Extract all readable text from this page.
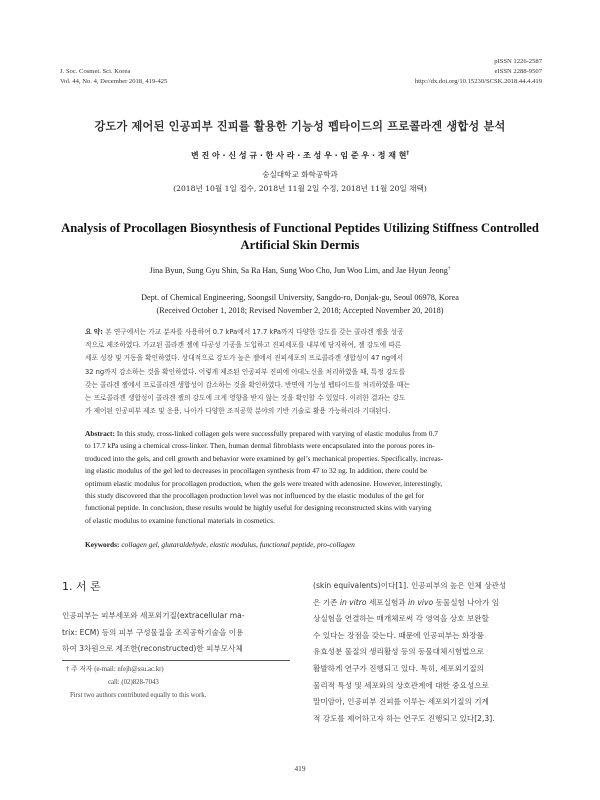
J. Soc. Cosmet. Sci. Korea
Vol. 44, No. 4, December 2018, 419-425
pISSN 1226-2587
eISSN 2288-9507
http://dx.doi.org/10.15230/SCSK.2018.44.4.419
강도가 제어된 인공피부 진피를 활용한 기능성 펩타이드의 프로콜라겐 생합성 분석
변 진 아 · 신 성 규 · 한 사 라 · 조 성 우 · 임 준 우 · 정 재 현†
숭실대학교 화학공학과
(2018년 10월 1일 접수, 2018년 11월 2일 수정, 2018년 11월 20일 채택)
Analysis of Procollagen Biosynthesis of Functional Peptides Utilizing Stiffness Controlled
Artificial Skin Dermis
Jina Byun, Sung Gyu Shin, Sa Ra Han, Sung Woo Cho, Jun Woo Lim, and Jae Hyun Jeong†
Dept. of Chemical Engineering, Soongsil University, Sangdo-ro, Donjak-gu, Seoul 06978, Korea
(Received October 1, 2018; Revised November 2, 2018; Accepted November 20, 2018)
요 약: 본 연구에서는 가교 분자를 사용하여 0.7 kPa에서 17.7 kPa까지 다양한 강도를 갖는 콜라겐 젤을 성공
적으로 제조하였다. 가교된 콜라겐 젤에 다공성 기공을 도입하고 진피세포를 내부에 담지하여, 젤 강도에 따른
세포 성장 및 거동을 확인하였다. 상대적으로 강도가 높은 젤에서 진피세포의 프로콜라겐 생합성이 47 ng에서
32 ng까지 감소하는 것을 확인하였다. 이렇게 제조된 인공피부 진피에 아데노신을 처리하였을 때, 특정 강도를
갖는 콜라겐 젤에서 프로콜라겐 생합성이 감소하는 것을 확인하였다. 반면에 기능성 펩타이드를 처리하였을 때는
는 프로콜라겐 생합성이 콜라겐 젤의 강도에 크게 영향을 받지 않는 것을 확인할 수 있었다. 이러한 결과는 강도
가 제어된 인공피부 제조 및 응용, 나아가 다양한 조직공학 분야의 기반 기술로 활용 가능하리라 기대된다.
Abstract: In this study, cross-linked collagen gels were successfully prepared with varying of elastic modulus from 0.7
to 17.7 kPa using a chemical cross-linker. Then, human dermal fibroblasts were encapsulated into the porous pores in-
troduced into the gels, and cell growth and behavior were examined by gel’s mechanical properties. Specifically, increas-
ing elastic modulus of the gel led to decreases in procollagen synthesis from 47 to 32 ng. In addition, there could be
optimum elastic modulus for procollagen production, when the gels were treated with adenosine. However, interestingly,
this study discovered that the procollagen production level was not influenced by the elastic modulus of the gel for
functional peptide. In conclusion, these results would be highly useful for designing reconstructed skins with varying
of elastic modulus to examine functional materials in cosmetics.
Keywords: collagen gel, glutaraldehyde, elastic modulus, functional peptide, pro-collagen
1. 서 론
인공피부는 피부세포와 세포외기질(extracellular ma-
trix: ECM) 등의 피부 구성물질을 조직공학기술을 이용
하여 3차원으로 제조한(reconstructed)한 피부모사체
† 주 저자 (e-mail: nfejh@ssu.ac.kr)
call: (02)828-7043
First two authors contributed equally to this work.
(skin equivalents)이다[1]. 인공피부의 높은 인체 상관성
은 기존 in vitro 세포실험과 in vivo 동물실험 나아가 임
상실험을 연결하는 매개체로써 각 영역을 상호 보완할
수 있다는 장점을 갖는다. 때문에 인공피부는 화장품
유효성분 물질의 생리활성 등의 동물대체시험법으로
활발하게 연구가 진행되고 있다. 특히, 세포외기질의
물리적 특성 및 세포와의 상호관계에 대한 중요성으로
말미암아, 인공피부 진피를 이루는 세포외기질의 기계
적 강도를 제어하고자 하는 연구도 진행되고 있다[2,3].
419
